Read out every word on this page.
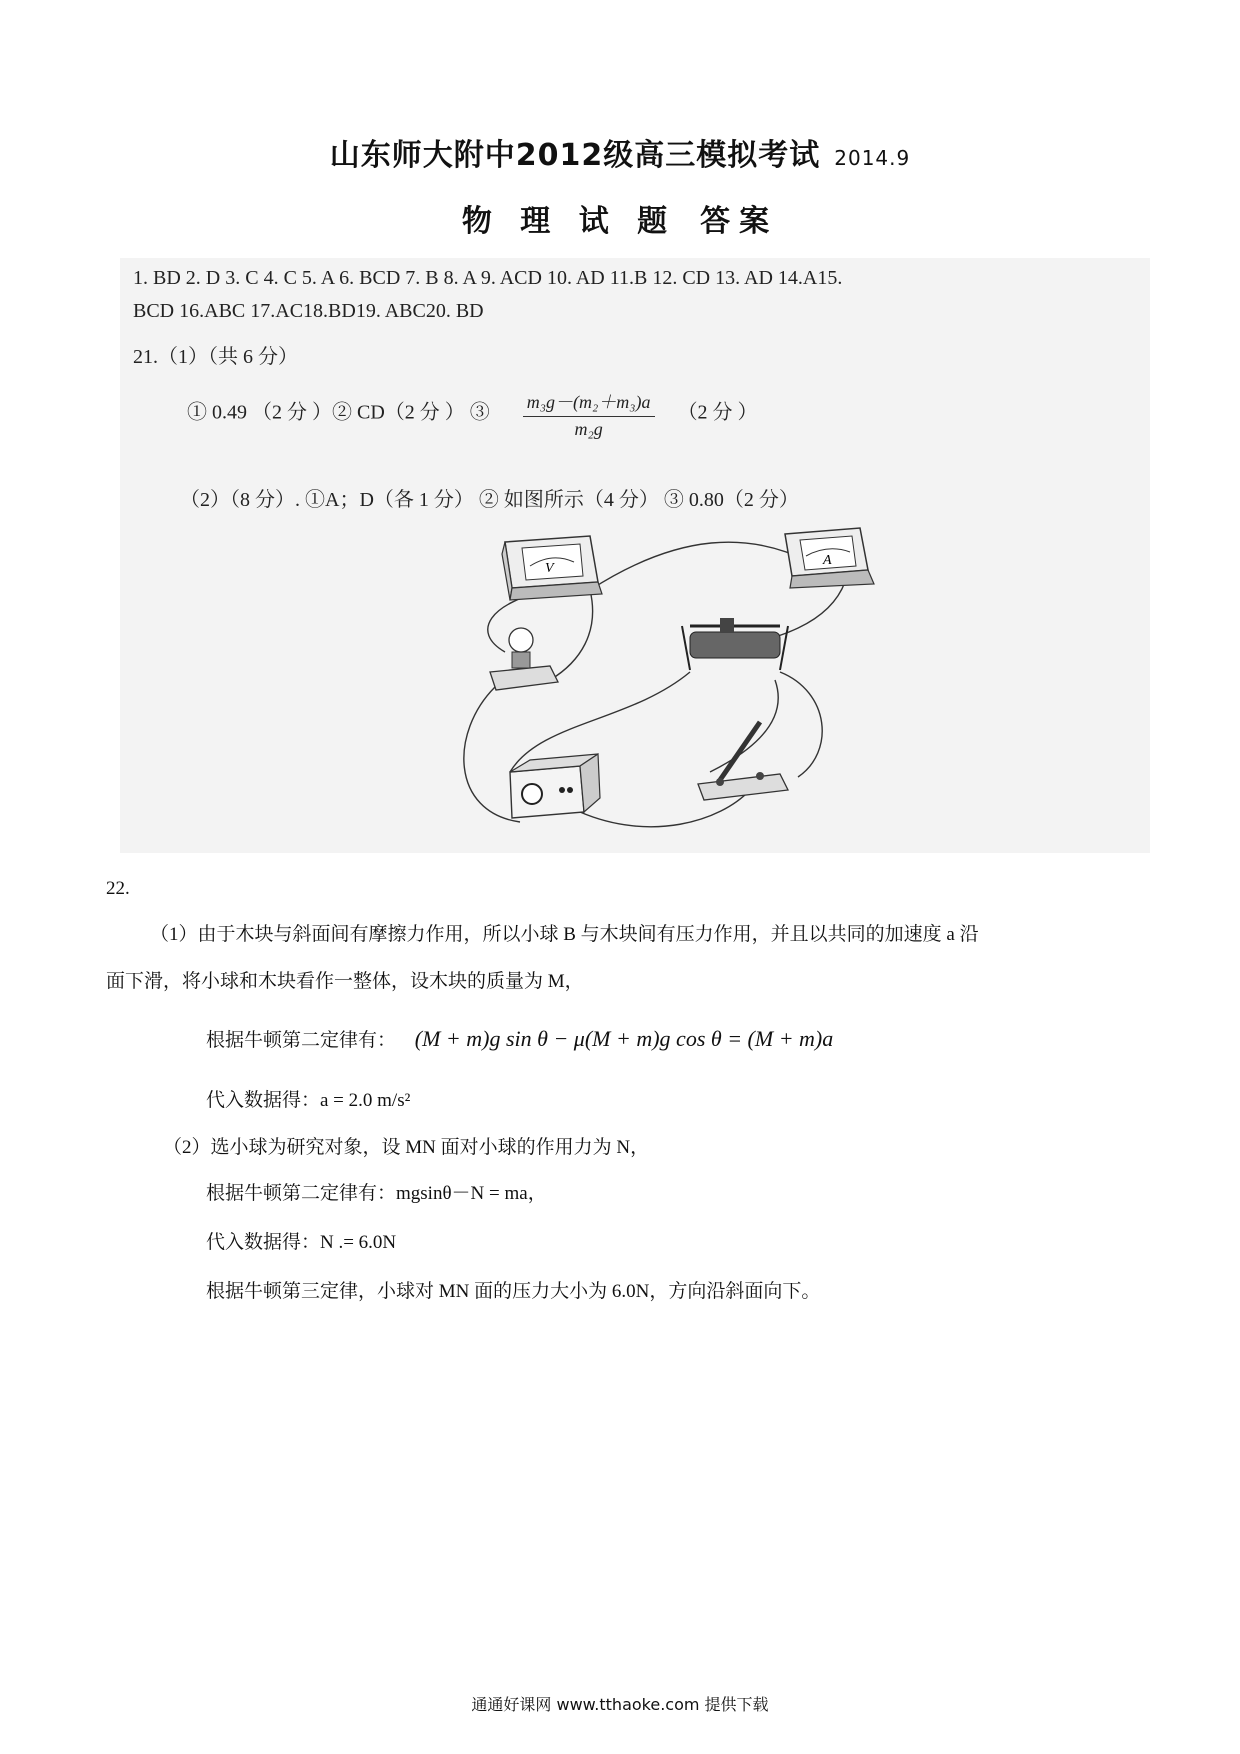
山东师大附中2012级高三模拟考试 2014.9
物 理 试 题 答案
1. BD 2. D 3. C 4. C 5. A 6. BCD 7. B 8. A 9. ACD 10. AD 11.B 12. CD 13. AD 14.A15.
BCD 16.ABC 17.AC18.BD19. ABC20. BD
21.（1）（共 6 分）
① 0.49 （2 分 ）② CD（2 分 ） ③ $\frac{\text{m₃g－(m₂＋m₃)a}}{\text{m₂g}} (2$ 分 ）
（2）（8 分）. ①A；D（各 1 分） ② 如图所示（4 分） ③ 0.80（2 分）
V
A
22.
（1）由于木块与斜面间有摩擦力作用，所以小球 B 与木块间有压力作用，并且以共同的加速度 a 沿
面下滑，将小球和木块看作一整体，设木块的质量为 M，
根据牛顿第二定律有： (M + m)g sin θ − μ(M + m)g cos θ = (M + m)a
代入数据得：a = 2.0 m/s²
（2）选小球为研究对象，设 MN 面对小球的作用力为 N，
根据牛顿第二定律有：mgsinθ－N = ma，
代入数据得：N .= 6.0N
根据牛顿第三定律，小球对 MN 面的压力大小为 6.0N，方向沿斜面向下。
通通好课网 www.tthaoke.com 提供下载
